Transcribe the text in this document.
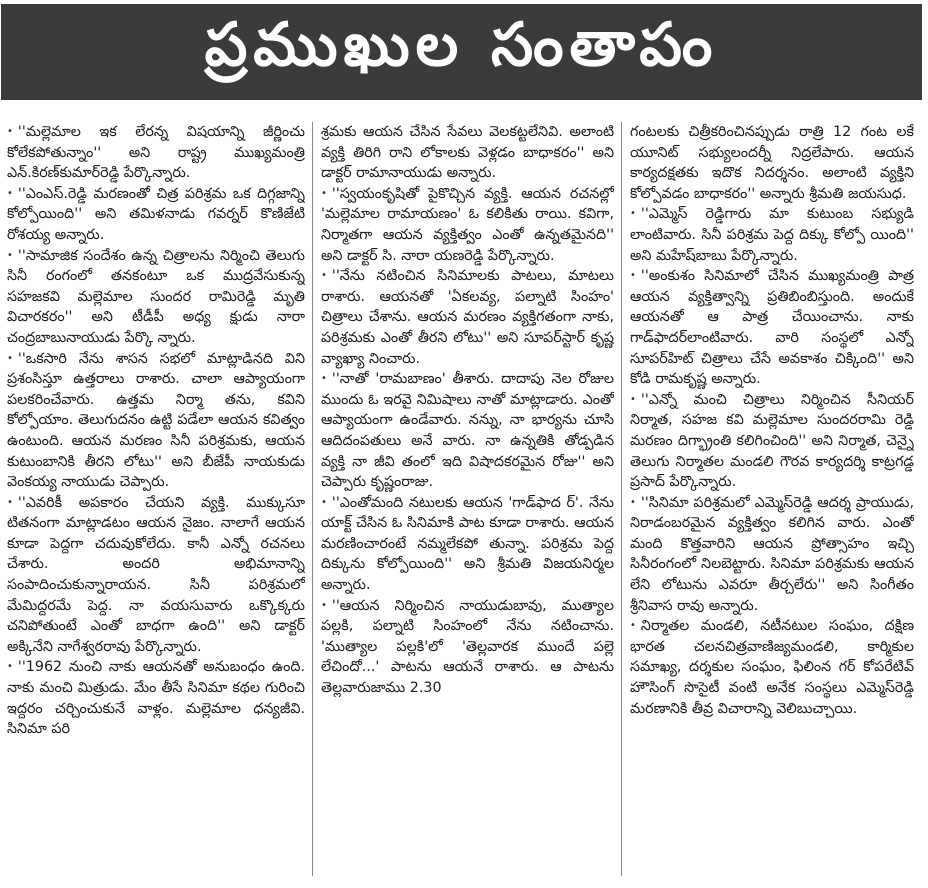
ప్రముఖుల సంతాపం

• ''మల్లెమాల ఇక లేరన్న విషయాన్ని జీర్ణించు కోలేకపోతున్నాం'' అని రాష్ట్ర ముఖ్యమంత్రి ఎన్.కిరణ్‌కుమార్‌రెడ్డి పేర్కొన్నారు.

• ''ఎంఎస్.రెడ్డి మరణంతో చిత్ర పరిశ్రమ ఒక దిగ్గజాన్ని కోల్పోయింది'' అని తమిళనాడు గవర్నర్ కొణిజేటి రోశయ్య అన్నారు.

• ''సామాజిక సందేశం ఉన్న చిత్రాలను నిర్మించి తెలుగు సినీ రంగంలో తనకంటూ ఒక ముద్రవేసుకున్న సహజకవి మల్లెమాల సుందర రామిరెడ్డి మృతి విచారకరం'' అని టీడీపీ అధ్య క్షుడు నారా చంద్రబాబునాయుడు పేర్కొ న్నారు.

• ''ఒకసారి నేను శాసన సభలో మాట్లాడినది విని ప్రశంసిస్తూ ఉత్తరాలు రాశారు. చాలా ఆప్యాయంగా పలకరించేవారు. ఉత్తమ నిర్మా తను, కవిని కోల్పోయాం. తెలుగుదనం ఉట్టి పడేలా ఆయన కవిత్వం ఉంటుంది. ఆయన మరణం సినీ పరిశ్రమకు, ఆయన కుటుంబానికి తీరని లోటు'' అని బీజేపీ నాయకుడు వెంకయ్య నాయుడు చెప్పారు.

• ''ఎవరికీ అపకారం చేయని వ్యక్తి. ముక్కుసూ టితనంగా మాట్లాడటం ఆయన నైజం. నాలాగే ఆయన కూడా పెద్దగా చదువుకోలేదు. కానీ ఎన్నో రచనలు చేశారు. అందరి అభిమానాన్ని సంపాదించుకున్నారాయన. సినీ పరిశ్రమలో మేమిద్దరమే పెద్ద. నా వయసువారు ఒక్కొక్కరు చనిపోతుంటే ఎంతో బాధగా ఉంది'' అని డాక్టర్ అక్కినేని నాగేశ్వరరావు పేర్కొన్నారు.

• ''1962 నుంచి నాకు ఆయనతో అనుబంధం ఉంది. నాకు మంచి మిత్రుడు. మేం తీసే సినిమా కథల గురించి ఇద్దరం చర్చించుకునే వాళ్లం. మల్లెమాల ధన్యజీవి. సినిమా పరి

శ్రమకు ఆయన చేసిన సేవలు వెలకట్టలేనివి. అలాంటి వ్యక్తి తిరిగి రాని లోకాలకు వెళ్లడం బాధాకరం'' అని డాక్టర్ రామానాయుడు అన్నారు.

• ''స్వయంకృషితో పైకొచ్చిన వ్యక్తి. ఆయన రచనల్లో 'మల్లెమాల రామాయణం' ఓ కలికితు రాయి. కవిగా, నిర్మాతగా ఆయన వ్యక్తిత్వం ఎంతో ఉన్నతమైనది'' అని డాక్టర్ సి. నారా యణరెడ్డి పేర్కొన్నారు.

• ''నేను నటించిన సినిమాలకు పాటలు, మాటలు రాశారు. ఆయనతో 'ఏకలవ్య, పల్నాటి సింహం' చిత్రాలు చేశాను. ఆయన మరణం వ్యక్తిగతంగా నాకు, పరిశ్రమకు ఎంతో తీరని లోటు'' అని సూపర్‌స్టార్ కృష్ణ వ్యాఖ్యా నించారు.

• ''నాతో 'రామబాణం' తీశారు. దాదాపు నెల రోజుల ముందు ఓ ఇరవై నిమిషాలు నాతో మాట్లాడారు. ఎంతో ఆప్యాయంగా ఉండేవారు. నన్ను, నా భార్యను చూసి ఆదిదంపతులు అనే వారు. నా ఉన్నతికి తోడ్పడిన వ్యక్తి నా జీవి తంలో ఇది విషాదకరమైన రోజు'' అని చెప్పారు కృష్ణంరాజు.

• ''ఎంతోమంది నటులకు ఆయన 'గాడ్‌ఫాద ర్'. నేను యాక్ట్ చేసిన ఓ సినిమాకి పాట కూడా రాశారు. ఆయన మరణించారంటే నమ్మలేకపో తున్నా. పరిశ్రమ పెద్ద దిక్కును కోల్పోయింది'' అని శ్రీమతి విజయనిర్మల అన్నారు.

• ''ఆయన నిర్మించిన నాయుడుబావు, ముత్యాల పల్లకి, పల్నాటి సింహంలో నేను నటించాను. 'ముత్యాల పల్లకి'లో 'తెల్లవారక ముందే పల్లె లేచిందో...' పాటను ఆయనే రాశారు. ఆ పాటను తెల్లవారుజాము 2.30

గంటలకు చిత్రీకరించినప్పుడు రాత్రి 12 గంట లకే యూనిట్ సభ్యులందర్నీ నిద్రలేపారు. ఆయన కార్యదక్షతకు ఇదొక నిదర్శనం. అలాంటి వ్యక్తిని కోల్పోవడం బాధాకరం'' అన్నారు శ్రీమతి జయసుధ.

• ''ఎమ్మెస్ రెడ్డిగారు మా కుటుంబ సభ్యుడి లాంటివారు. సినీ పరిశ్రమ పెద్ద దిక్కు కోల్పో యింది'' అని మహేష్‌బాబు పేర్కొన్నారు.

• ''అంకుశం సినిమాలో చేసిన ముఖ్యమంత్రి పాత్ర ఆయన వ్యక్తిత్వాన్ని ప్రతిబింబిస్తుంది. అందుకే ఆయనతో ఆ పాత్ర చేయించాను. నాకు గాడ్‌ఫాదర్‌లాంటివారు. వారి సంస్థలో ఎన్నో సూపర్‌హిట్ చిత్రాలు చేసే అవకాశం చిక్కింది'' అని కోడి రామకృష్ణ అన్నారు.

• ''ఎన్నో మంచి చిత్రాలు నిర్మించిన సీనియర్ నిర్మాత, సహజ కవి మల్లెమాల సుందరరామి రెడ్డి మరణం దిగ్భ్రాంతి కలిగించింది'' అని నిర్మాత, చెన్నై తెలుగు నిర్మాతల మండలి గౌరవ కార్యదర్శి కాట్రగడ్డ ప్రసాద్ పేర్కొన్నారు.

• ''సినిమా పరిశ్రమలో ఎమ్మెస్‌రెడ్డి ఆదర్శ ప్రాయుడు, నిరాడంబరమైన వ్యక్తిత్వం కలిగిన వారు. ఎంతో మంది కొత్తవారిని ఆయన ప్రోత్సాహం ఇచ్చి సినీరంగంలో నిలబెట్టారు. సినిమా పరిశ్రమకు ఆయన లేని లోటును ఎవరూ తీర్చలేరు'' అని సింగీతం శ్రీనివాస రావు అన్నారు.

• నిర్మాతల మండలి, నటీనటుల సంఘం, దక్షిణ భారత చలనచిత్రవాణిజ్యమండలి, కార్మికుల సమాఖ్య, దర్శకుల సంఘం, ఫిలింన గర్ కోపరేటివ్ హౌసింగ్ సొసైటీ వంటి అనేక సంస్థలు ఎమ్మెస్‌రెడ్డి మరణానికి తీవ్ర విచారాన్ని వెలిబుచ్చాయి.
